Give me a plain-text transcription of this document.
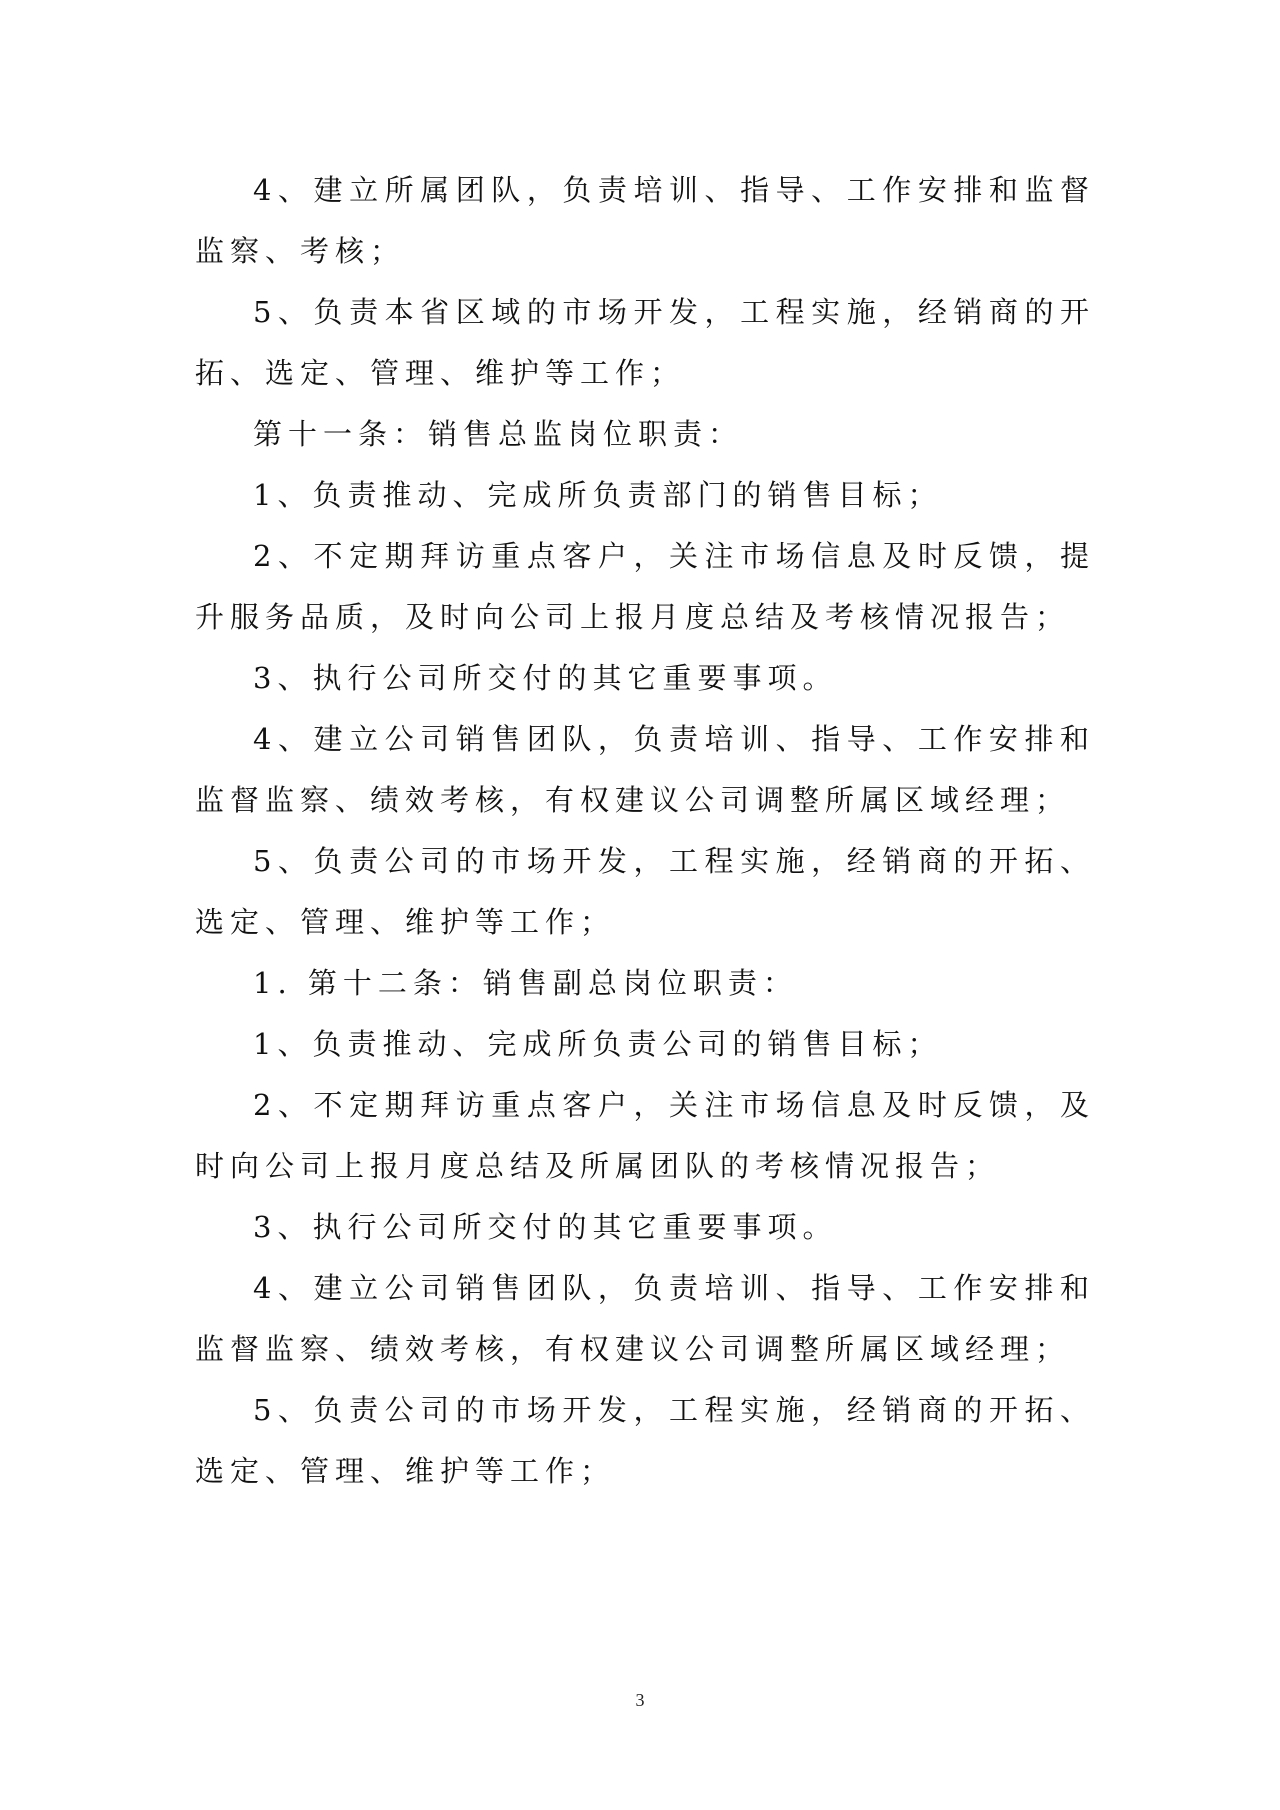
4、建立所属团队，负责培训、指导、工作安排和监督监察、考核；

5、负责本省区域的市场开发，工程实施，经销商的开拓、选定、管理、维护等工作；

第十一条：销售总监岗位职责：

1、负责推动、完成所负责部门的销售目标；

2、不定期拜访重点客户，关注市场信息及时反馈，提升服务品质，及时向公司上报月度总结及考核情况报告；

3、执行公司所交付的其它重要事项。

4、建立公司销售团队，负责培训、指导、工作安排和监督监察、绩效考核，有权建议公司调整所属区域经理；

5、负责公司的市场开发，工程实施，经销商的开拓、选定、管理、维护等工作；

1. 第十二条：销售副总岗位职责：

1、负责推动、完成所负责公司的销售目标；

2、不定期拜访重点客户，关注市场信息及时反馈，及时向公司上报月度总结及所属团队的考核情况报告；

3、执行公司所交付的其它重要事项。

4、建立公司销售团队，负责培训、指导、工作安排和监督监察、绩效考核，有权建议公司调整所属区域经理；

5、负责公司的市场开发，工程实施，经销商的开拓、选定、管理、维护等工作；

3
